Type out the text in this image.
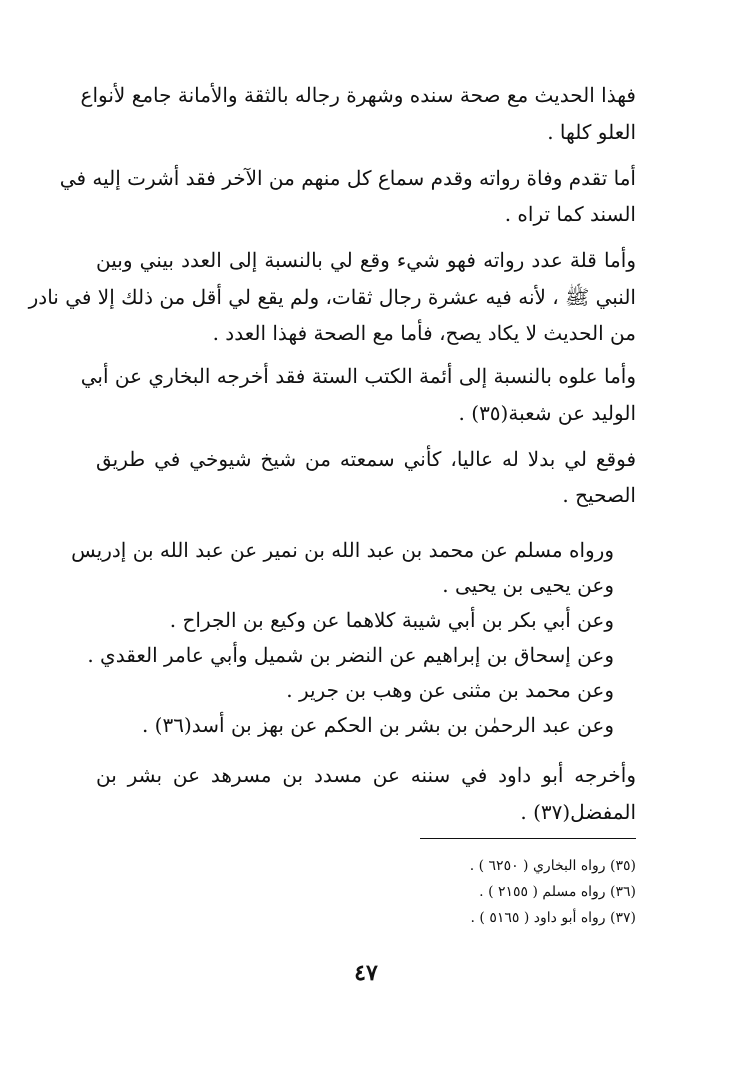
فهذا الحديث مع صحة سنده وشهرة رجاله بالثقة والأمانة جامع لأنواع
العلو كلها .
أما تقدم وفاة رواته وقدم سماع كل منهم من الآخر فقد أشرت إليه في
السند كما تراه .
وأما قلة عدد رواته فهو شيء وقع لي بالنسبة إلى العدد بيني وبين
النبي ﷺ ، لأنه فيه عشرة رجال ثقات، ولم يقع لي أقل من ذلك إلا في نادر
من الحديث لا يكاد يصح، فأما مع الصحة فهذا العدد .
وأما علوه بالنسبة إلى أئمة الكتب الستة فقد أخرجه البخاري عن أبي
الوليد عن شعبة(٣٥) .
فوقع لي بدلا له عاليا، كأني سمعته من شيخ شيوخي في طريق
الصحيح .
ورواه مسلم عن محمد بن عبد الله بن نمير عن عبد الله بن إدريس
وعن يحيى بن يحيى .
وعن أبي بكر بن أبي شيبة كلاهما عن وكيع بن الجراح .
وعن إسحاق بن إبراهيم عن النضر بن شميل وأبي عامر العقدي .
وعن محمد بن مثنى عن وهب بن جرير .
وعن عبد الرحمٰن بن بشر بن الحكم عن بهز بن أسد(٣٦) .
وأخرجه أبو داود في سننه عن مسدد بن مسرهد عن بشر بن
المفضل(٣٧) .
(٣٥) رواه البخاري ( ٦٢٥٠ ) .
(٣٦) رواه مسلم ( ٢١٥٥ ) .
(٣٧) رواه أبو داود ( ٥١٦٥ ) .
٤٧
